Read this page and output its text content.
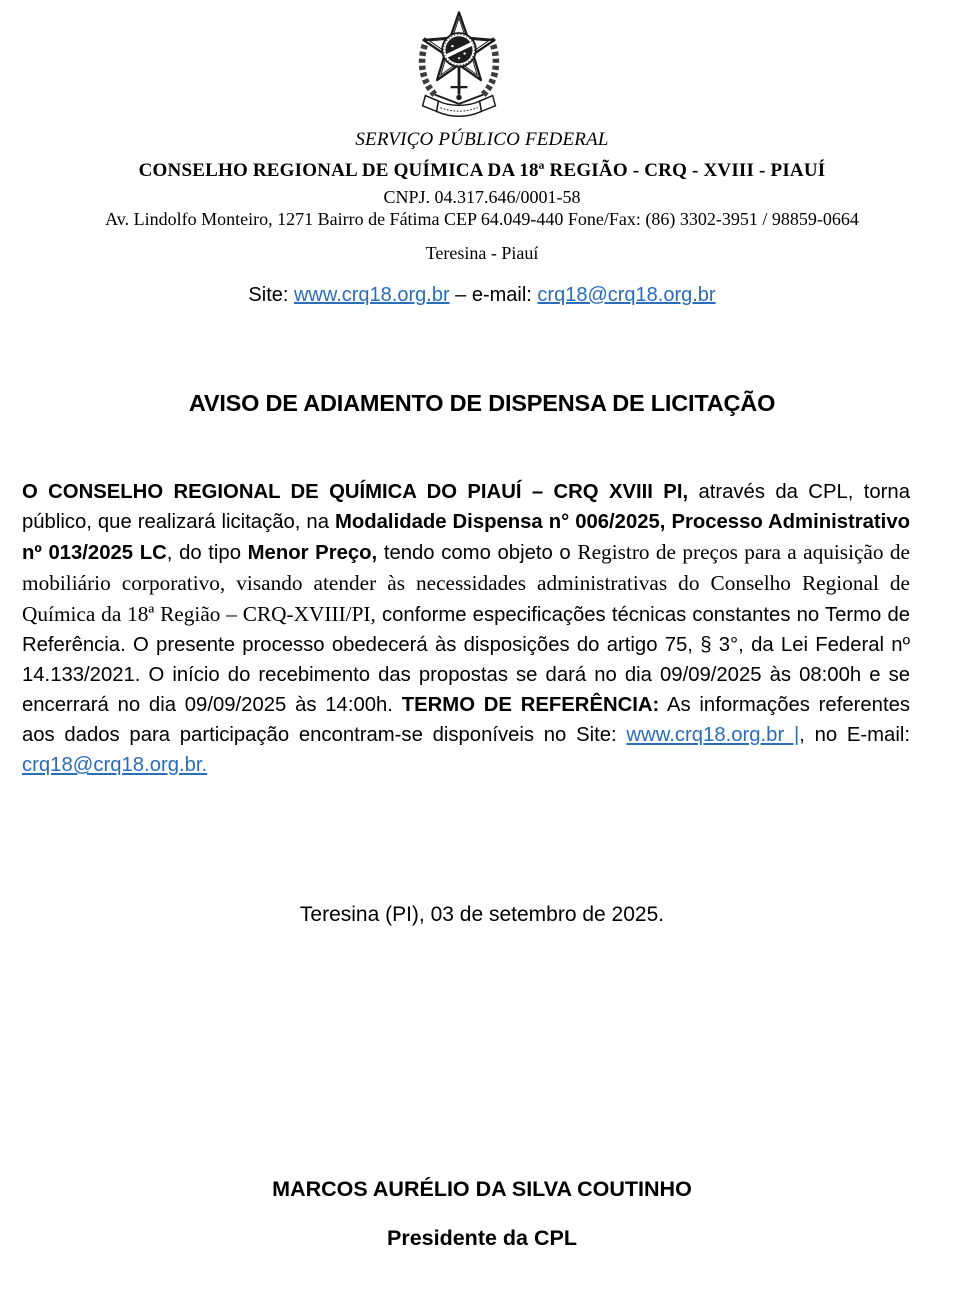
SERVIÇO PÚBLICO FEDERAL
CONSELHO REGIONAL DE QUÍMICA DA 18ª REGIÃO - CRQ - XVIII - PIAUÍ
CNPJ. 04.317.646/0001-58
Av. Lindolfo Monteiro, 1271 Bairro de Fátima CEP 64.049-440 Fone/Fax: (86) 3302-3951 / 98859-0664
Teresina - Piauí
Site: www.crq18.org.br – e-mail: crq18@crq18.org.br
AVISO DE ADIAMENTO DE DISPENSA DE LICITAÇÃO
O CONSELHO REGIONAL DE QUÍMICA DO PIAUÍ – CRQ XVIII PI, através da CPL, torna público, que realizará licitação, na Modalidade Dispensa n° 006/2025, Processo Administrativo nº 013/2025 LC, do tipo Menor Preço, tendo como objeto o Registro de preços para a aquisição de mobiliário corporativo, visando atender às necessidades administrativas do Conselho Regional de Química da 18ª Região – CRQ-XVIII/PI, conforme especificações técnicas constantes no Termo de Referência. O presente processo obedecerá às disposições do artigo 75, § 3°, da Lei Federal nº 14.133/2021. O início do recebimento das propostas se dará no dia 09/09/2025 às 08:00h e se encerrará no dia 09/09/2025 às 14:00h. TERMO DE REFERÊNCIA: As informações referentes aos dados para participação encontram-se disponíveis no Site: www.crq18.org.br |, no E-mail: crq18@crq18.org.br.
Teresina (PI), 03 de setembro de 2025.
MARCOS AURÉLIO DA SILVA COUTINHO
Presidente da CPL
